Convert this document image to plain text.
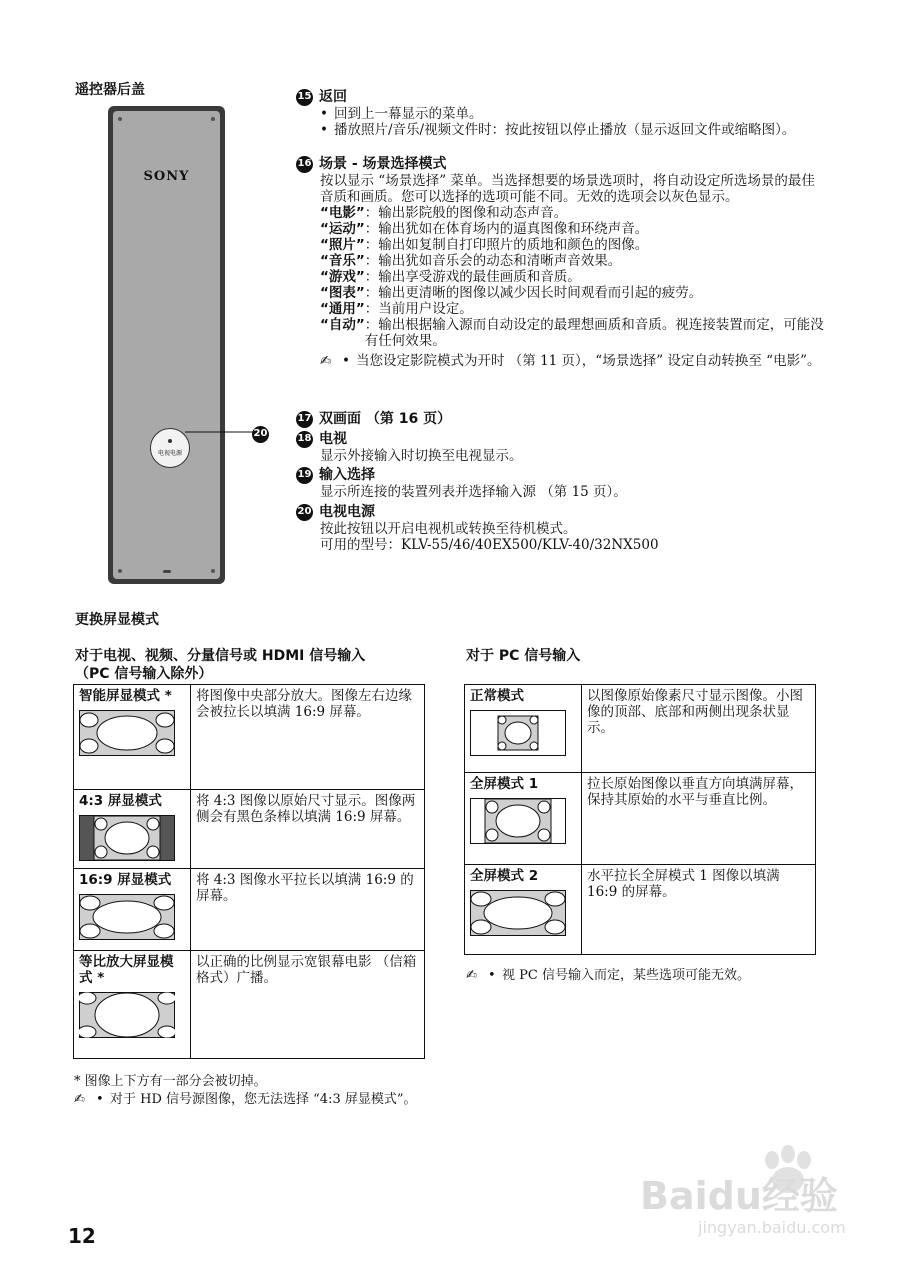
遥控器后盖
SONY
电视电源
20
15 返回
• 回到上一幕显示的菜单。
• 播放照片/音乐/视频文件时：按此按钮以停止播放（显示返回文件或缩略图）。
16 场景 - 场景选择模式

按以显示 “场景选择” 菜单。当选择想要的场景选项时，将自动设定所选场景的最佳音质和画质。您可以选择的选项可能不同。无效的选项会以灰色显示。

“电影” ：输出影院般的图像和动态声音。
“运动” ：输出犹如在体育场内的逼真图像和环绕声音。
“照片” ：输出如复制自打印照片的质地和颜色的图像。
“音乐” ：输出犹如音乐会的动态和清晰声音效果。
“游戏” ：输出享受游戏的最佳画质和音质。
“图表” ：输出更清晰的图像以减少因长时间观看而引起的疲劳。
“通用” ：当前用户设定。
“自动” ：输出根据输入源而自动设定的最理想画质和音质。视连接装置而定，可能没有任何效果。
✍ • 当您设定影院模式为开时 （第 11 页），“场景选择” 设定自动转换至 “电影”。
17 双画面 （第 16 页）
18 电视

显示外接输入时切换至电视显示。

19 输入选择

显示所连接的装置列表并选择输入源 （第 15 页）。

20 电视电源

按此按钮以开启电视机或转换至待机模式。

可用的型号：KLV-55/46/40EX500/KLV-40/32NX500

更换屏显模式
对于电视、视频、分量信号或 HDMI 信号输入
（PC 信号输入除外）
对于 PC 信号输入
智能屏显模式 *	将图像中央部分放大。图像左右边缘会被拉长以填满 16:9 屏幕。

4:3 屏显模式	将 4:3 图像以原始尺寸显示。图像两侧会有黑色条棒以填满 16:9 屏幕。

16:9 屏显模式	将 4:3 图像水平拉长以填满 16:9 的屏幕。

等比放大屏显模式 *	以正确的比例显示宽银幕电影 （信箱格式）广播。
正常模式	以图像原始像素尺寸显示图像。小图像的顶部、底部和两侧出现条状显示。

全屏模式 1	拉长原始图像以垂直方向填满屏幕，保持其原始的水平与垂直比例。

全屏模式 2	水平拉长全屏模式 1 图像以填满 16:9 的屏幕。
* 图像上下方有一部分会被切掉。
✍ • 对于 HD 信号源图像，您无法选择 “4:3 屏显模式”。
✍ • 视 PC 信号输入而定，某些选项可能无效。
12
Baidu经验
jingyan.baidu.com
